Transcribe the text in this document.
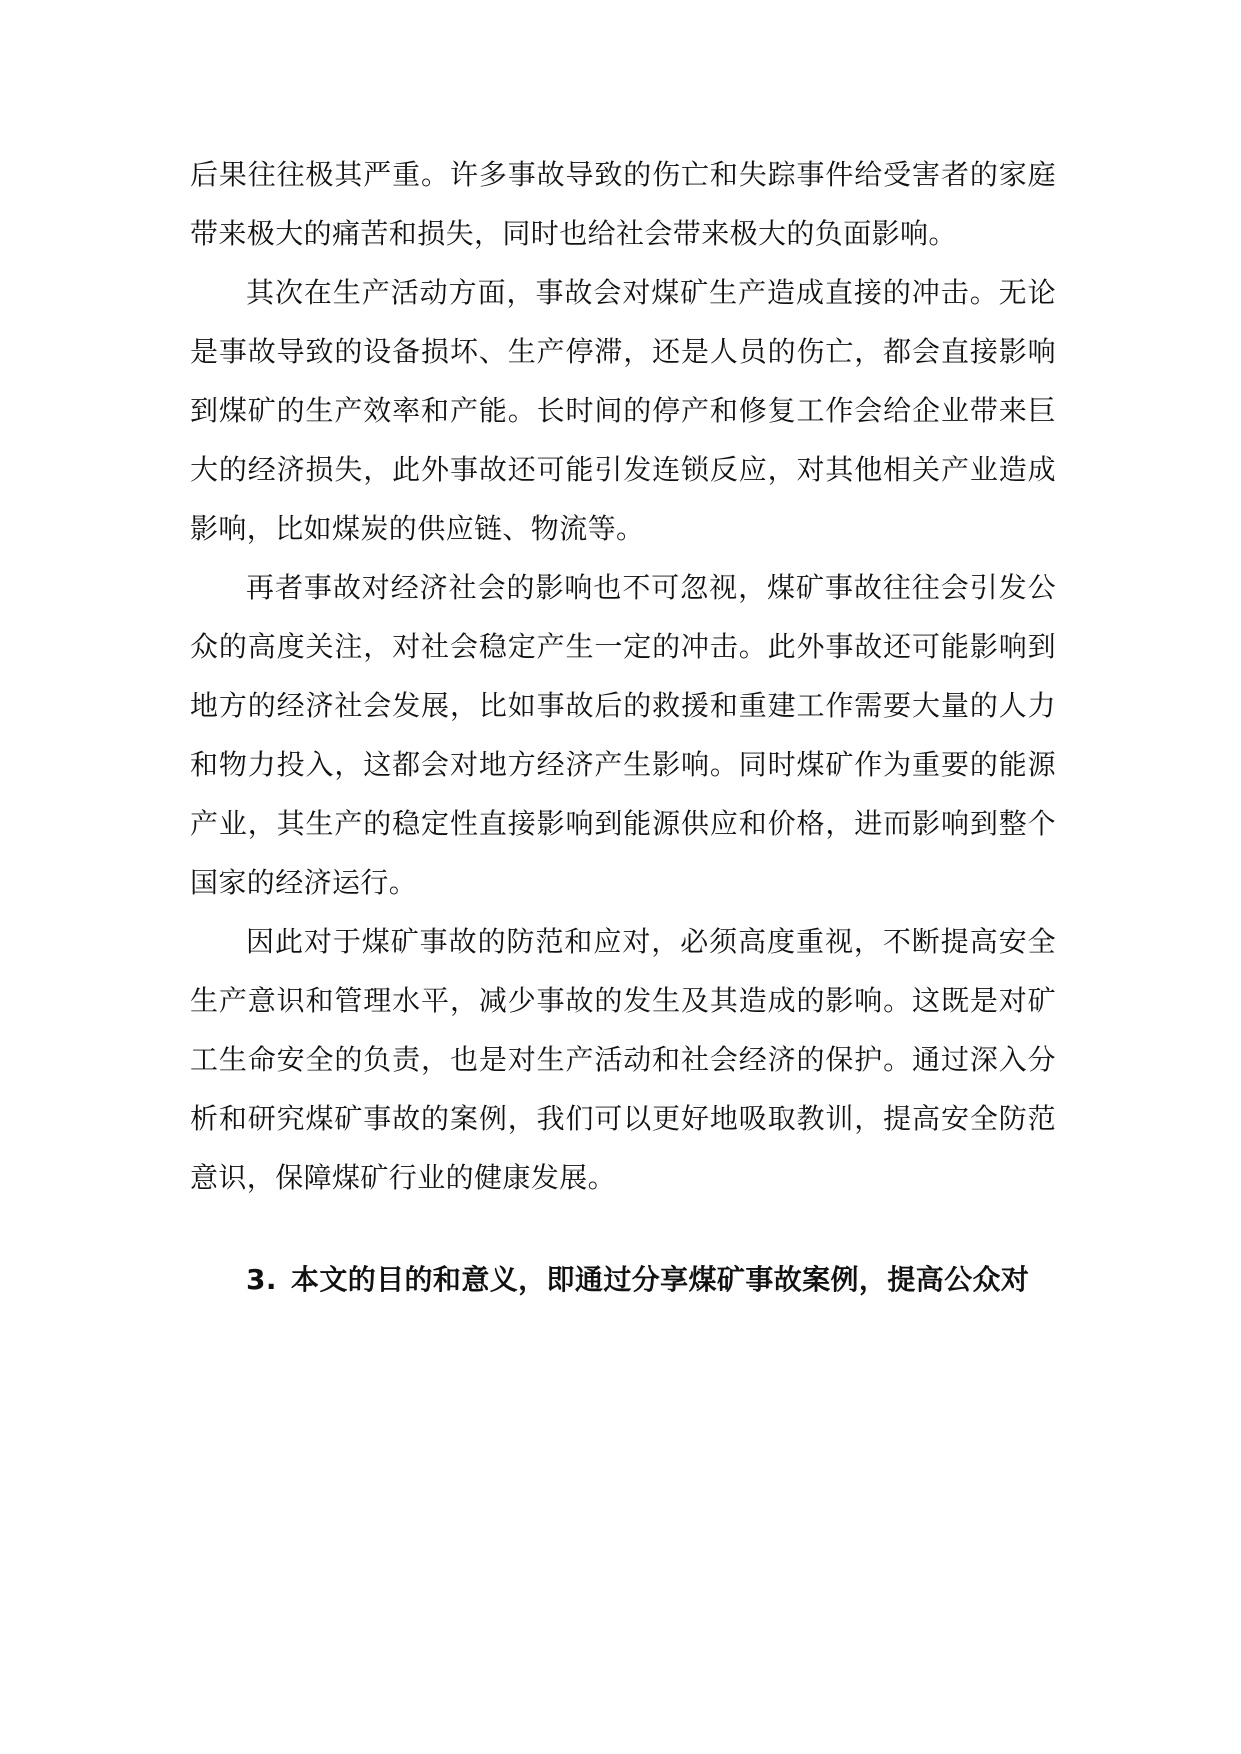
后果往往极其严重。许多事故导致的伤亡和失踪事件给受害者的家庭带来极大的痛苦和损失，同时也给社会带来极大的负面影响。

其次在生产活动方面，事故会对煤矿生产造成直接的冲击。无论是事故导致的设备损坏、生产停滞，还是人员的伤亡，都会直接影响到煤矿的生产效率和产能。长时间的停产和修复工作会给企业带来巨大的经济损失，此外事故还可能引发连锁反应，对其他相关产业造成影响，比如煤炭的供应链、物流等。

再者事故对经济社会的影响也不可忽视，煤矿事故往往会引发公众的高度关注，对社会稳定产生一定的冲击。此外事故还可能影响到地方的经济社会发展，比如事故后的救援和重建工作需要大量的人力和物力投入，这都会对地方经济产生影响。同时煤矿作为重要的能源产业，其生产的稳定性直接影响到能源供应和价格，进而影响到整个国家的经济运行。

因此对于煤矿事故的防范和应对，必须高度重视，不断提高安全生产意识和管理水平，减少事故的发生及其造成的影响。这既是对矿工生命安全的负责，也是对生产活动和社会经济的保护。通过深入分析和研究煤矿事故的案例，我们可以更好地吸取教训，提高安全防范意识，保障煤矿行业的健康发展。

3. 本文的目的和意义，即通过分享煤矿事故案例，提高公众对
